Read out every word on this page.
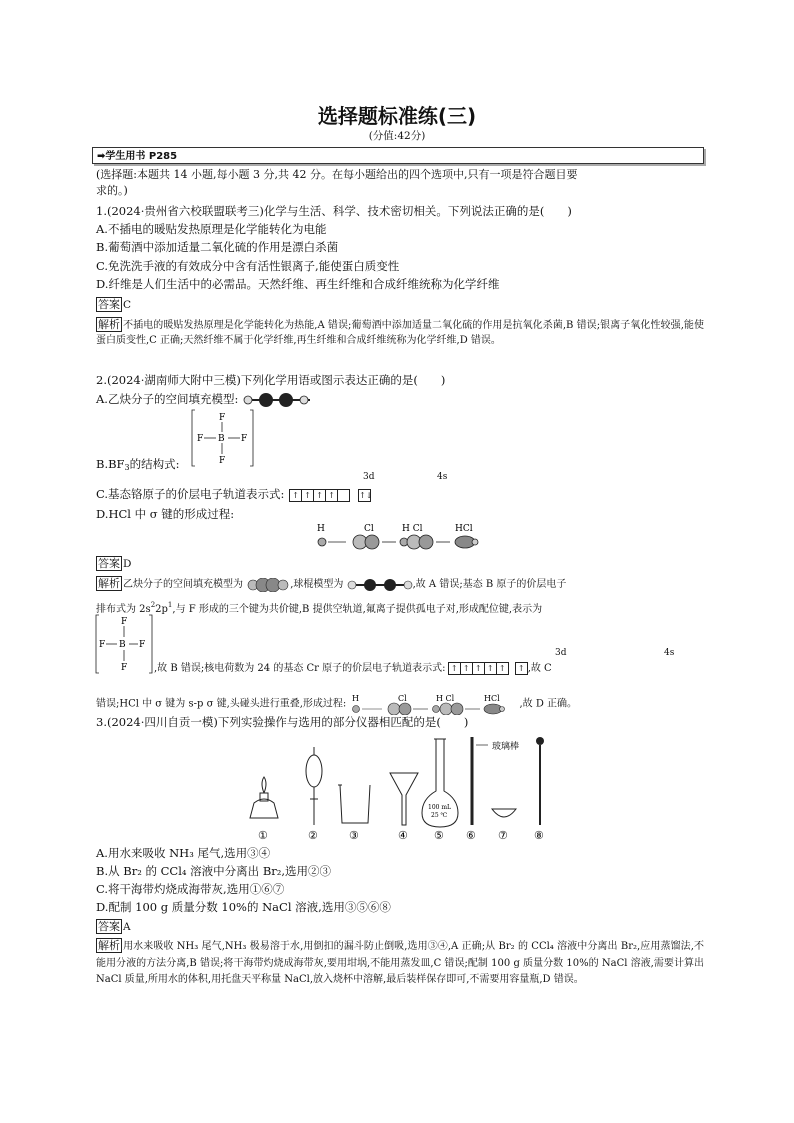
选择题标准练(三)
(分值:42分)
➡学生用书 P285
(选择题:本题共 14 小题,每小题 3 分,共 42 分。在每小题给出的四个选项中,只有一项是符合题目要
求的。)
1.(2024·贵州省六校联盟联考三)化学与生活、科学、技术密切相关。下列说法正确的是(　　)
A.不插电的暖贴发热原理是化学能转化为电能
B.葡萄酒中添加适量二氧化硫的作用是漂白杀菌
C.免洗洗手液的有效成分中含有活性银离子,能使蛋白质变性
D.纤维是人们生活中的必需品。天然纤维、再生纤维和合成纤维统称为化学纤维
答案 C
解析 不插电的暖贴发热原理是化学能转化为热能,A 错误;葡萄酒中添加适量二氧化硫的作用是抗氧化杀菌,B 错误;银离子氧化性较强,能使蛋白质变性,C 正确;天然纤维不属于化学纤维,再生纤维和合成纤维统称为化学纤维,D 错误。
2.(2024·湖南师大附中三模)下列化学用语或图示表达正确的是(　　)
A.乙炔分子的空间填充模型:
F
F B F
F
B.BF3的结构式:
3d	4s
C.基态铬原子的价层电子轨道表示式: ↑ ↑ ↑ ↑	↑↓
D.HCl 中 σ 键的形成过程:
H	Cl	H Cl	HCl
答案 D
解析 乙炔分子的空间填充模型为	,球棍模型为	,故 A 错误;基态 B 原子的价层电子
排布式为 $2s^22p^1$,与 F 形成的三个键为共价键,B 提供空轨道,氟离子提供孤电子对,形成配位键,表示为
F
F B F
F
3d	4s
,故 B 错误;核电荷数为 24 的基态 Cr 原子的价层电子轨道表示式: ↑ ↑ ↑ ↑ ↑ ↑ ,故 C
错误;HCl 中 σ 键为 s-p σ 键,头碰头进行重叠,形成过程: H	Cl	H Cl	HCl ,故 D 正确。
3.(2024·四川自贡一模)下列实验操作与选用的部分仪器相匹配的是(　　)
100 mL
25 ℃
玻璃棒
①	②	③	④ ⑤ ⑥ ⑦ ⑧
A.用水来吸收 NH₃ 尾气,选用③④
B.从 Br₂ 的 CCl₄ 溶液中分离出 Br₂,选用②③
C.将干海带灼烧成海带灰,选用①⑥⑦
D.配制 100 g 质量分数 10%的 NaCl 溶液,选用③⑤⑥⑧
答案 A
解析 用水来吸收 NH₃ 尾气,NH₃ 极易溶于水,用倒扣的漏斗防止倒吸,选用③④,A 正确;从 Br₂ 的 CCl₄ 溶液中分离出 Br₂,应用蒸馏法,不能用分液的方法分离,B 错误;将干海带灼烧成海带灰,要用坩埚,不能用蒸发皿,C 错误;配制 100 g 质量分数 10%的 NaCl 溶液,需要计算出 NaCl 质量,所用水的体积,用托盘天平称量 NaCl,放入烧杯中溶解,最后装样保存即可,不需要用容量瓶,D 错误。
